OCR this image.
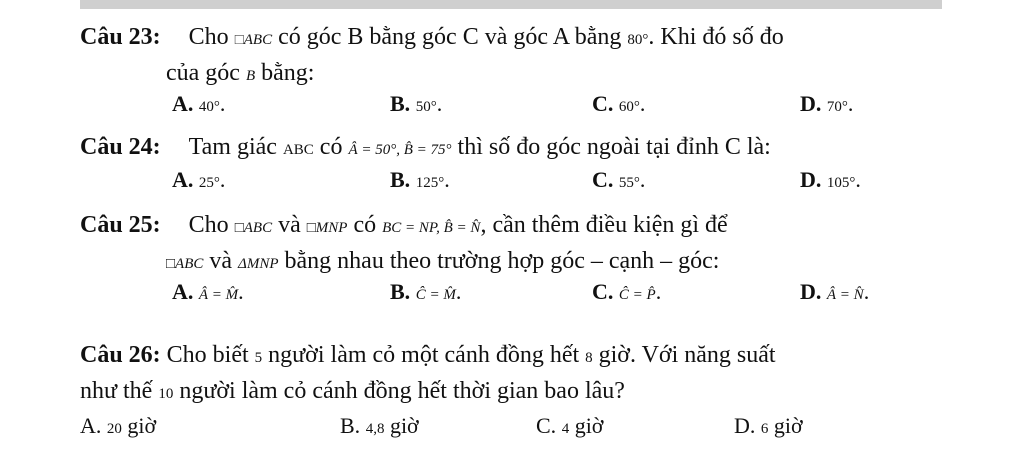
Câu 23: Cho □ABC có góc B bằng góc C và góc A bằng 80°. Khi đó số đo
của góc B bằng:
A. 40°.	B. 50°.	C. 60°.	D. 70°.
Câu 24: Tam giác ABC có Â = 50°, B̂ = 75° thì số đo góc ngoài tại đỉnh C là:
A. 25°.	B. 125°.	C. 55°.	D. 105°.
Câu 25: Cho □ABC và □MNP có BC = NP, B̂ = N̂, cần thêm điều kiện gì để
□ABC và ΔMNP bằng nhau theo trường hợp góc – cạnh – góc:
A. Â = M̂.	B. Ĉ = M̂.	C. Ĉ = P̂.	D. Â = N̂.
Câu 26: Cho biết 5 người làm cỏ một cánh đồng hết 8 giờ. Với năng suất
như thế 10 người làm cỏ cánh đồng hết thời gian bao lâu?
A. 20 giờ	B. 4,8 giờ	C. 4 giờ	D. 6 giờ
